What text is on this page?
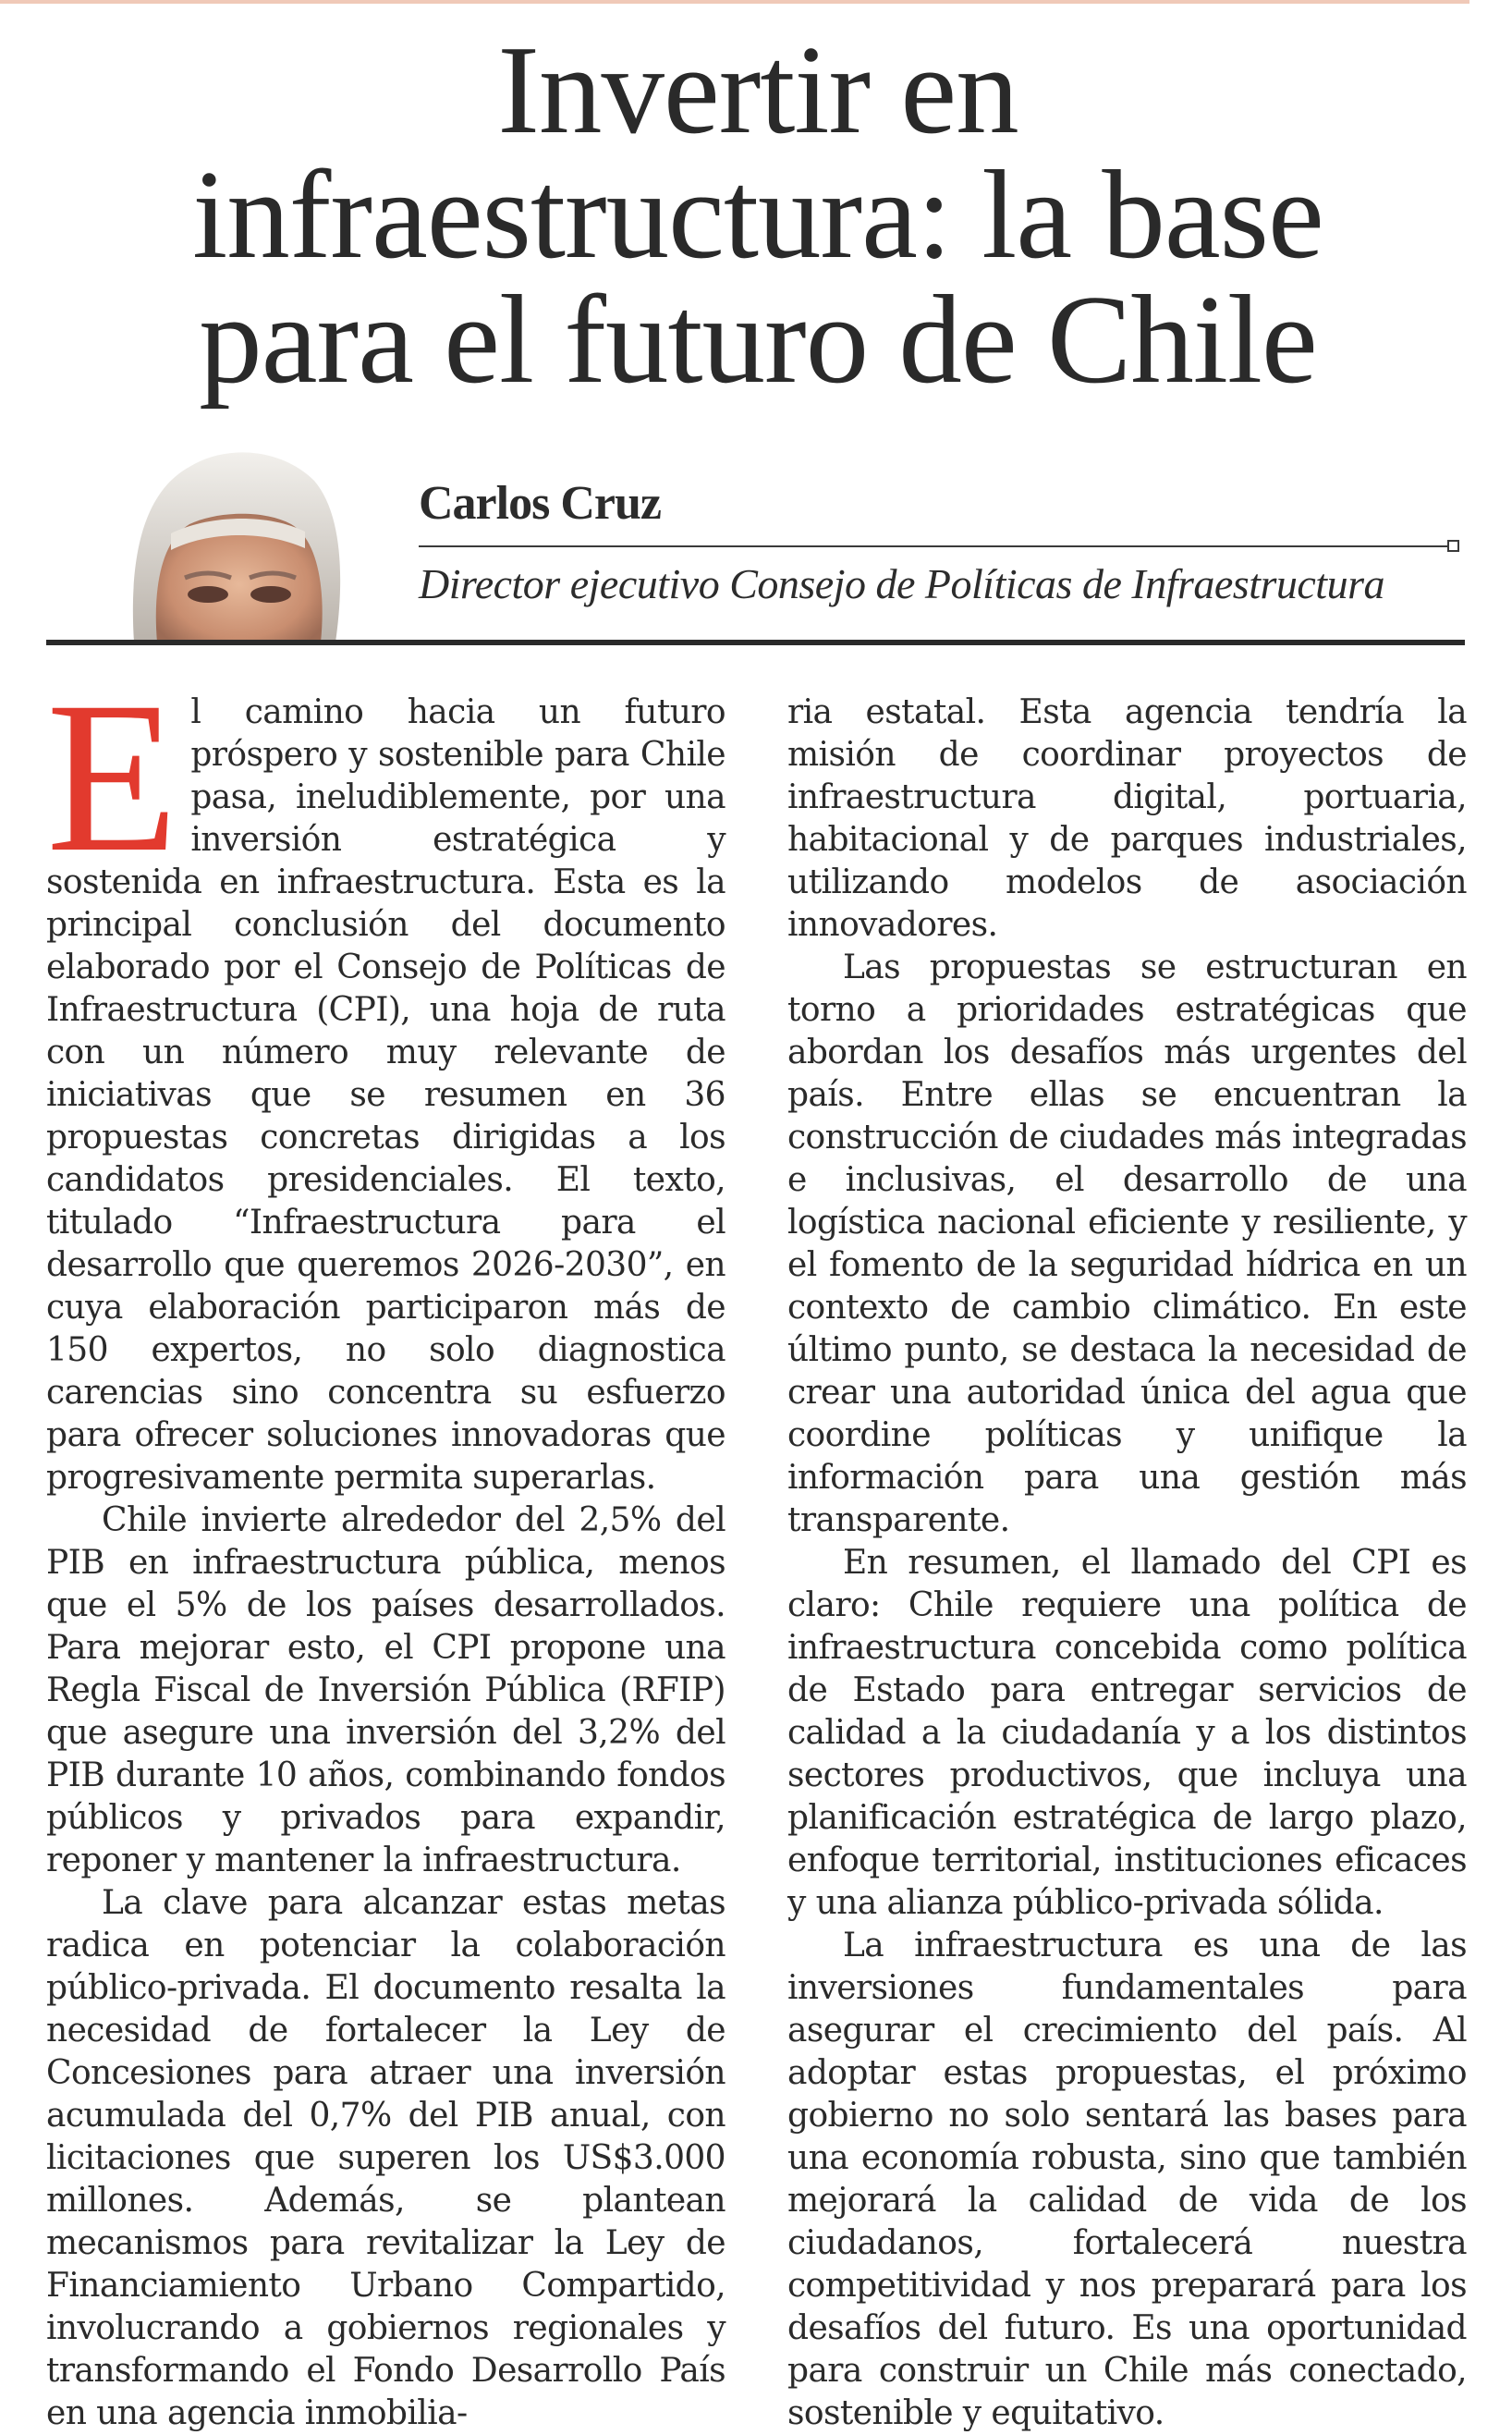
Invertir en
infraestructura: la base
para el futuro de Chile
Carlos Cruz

Director ejecutivo Consejo de Políticas de Infraestructura

El camino hacia un futuro próspero y sostenible para Chile pasa, ineludiblemente, por una inversión estratégica y sostenida en infraestructura. Esta es la principal conclusión del documento elaborado por el Consejo de Políticas de Infraestructura (CPI), una hoja de ruta con un número muy relevante de iniciativas que se resumen en 36 propuestas concretas dirigidas a los candidatos presidenciales. El texto, titulado “Infraestructura para el desarrollo que queremos 2026-2030”, en cuya elaboración participaron más de 150 expertos, no solo diagnostica carencias sino concentra su esfuerzo para ofrecer soluciones innovadoras que progresivamente permita superarlas.

Chile invierte alrededor del 2,5% del PIB en infraestructura pública, menos que el 5% de los países desarrollados. Para mejorar esto, el CPI propone una Regla Fiscal de Inversión Pública (RFIP) que asegure una inversión del 3,2% del PIB durante 10 años, combinando fondos públicos y privados para expandir, reponer y mantener la infraestructura.

La clave para alcanzar estas metas radica en potenciar la colaboración público-privada. El documento resalta la necesidad de fortalecer la Ley de Concesiones para atraer una inversión acumulada del 0,7% del PIB anual, con licitaciones que superen los US$3.000 millones. Además, se plantean mecanismos para revitalizar la Ley de Financiamiento Urbano Compartido, involucrando a gobiernos regionales y transformando el Fondo Desarrollo País en una agencia inmobilia-

ria estatal. Esta agencia tendría la misión de coordinar proyectos de infraestructura digital, portuaria, habitacional y de parques industriales, utilizando modelos de asociación innovadores.

Las propuestas se estructuran en torno a prioridades estratégicas que abordan los desafíos más urgentes del país. Entre ellas se encuentran la construcción de ciudades más integradas e inclusivas, el desarrollo de una logística nacional eficiente y resiliente, y el fomento de la seguridad hídrica en un contexto de cambio climático. En este último punto, se destaca la necesidad de crear una autoridad única del agua que coordine políticas y unifique la información para una gestión más transparente.

En resumen, el llamado del CPI es claro: Chile requiere una política de infraestructura concebida como política de Estado para entregar servicios de calidad a la ciudadanía y a los distintos sectores productivos, que incluya una planificación estratégica de largo plazo, enfoque territorial, instituciones eficaces y una alianza público-privada sólida.

La infraestructura es una de las inversiones fundamentales para asegurar el crecimiento del país. Al adoptar estas propuestas, el próximo gobierno no solo sentará las bases para una economía robusta, sino que también mejorará la calidad de vida de los ciudadanos, fortalecerá nuestra competitividad y nos preparará para los desafíos del futuro. Es una oportunidad para construir un Chile más conectado, sostenible y equitativo.
